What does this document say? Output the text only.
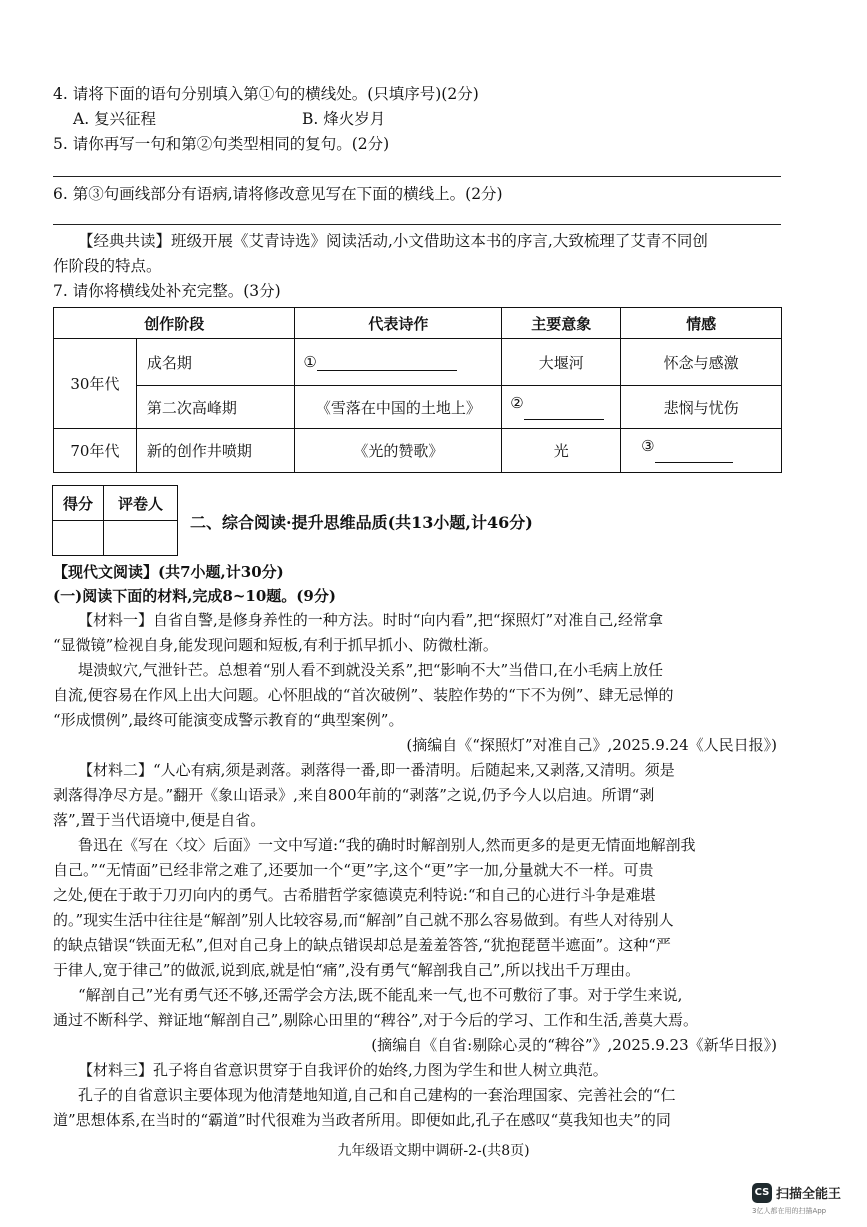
4. 请将下面的语句分别填入第①句的横线处。(只填序号)(2分)
A. 复兴征程	B. 烽火岁月
5. 请你再写一句和第②句类型相同的复句。(2分)
6. 第③句画线部分有语病,请将修改意见写在下面的横线上。(2分)
【经典共读】班级开展《艾青诗选》阅读活动,小文借助这本书的序言,大致梳理了艾青不同创
作阶段的特点。
7. 请你将横线处补充完整。(3分)
创作阶段		代表诗作	主要意象	情感
30年代	成名期	①	大堰河	怀念与感激
	第二次高峰期	《雪落在中国的土地上》	②	悲悯与忧伤
70年代	新的创作井喷期	《光的赞歌》	光	③
得分	评卷人

二、综合阅读·提升思维品质(共13小题,计46分)
【现代文阅读】(共7小题,计30分)
(一)阅读下面的材料,完成8~10题。(9分)
【材料一】自省自警,是修身养性的一种方法。时时“向内看”,把“探照灯”对准自己,经常拿
“显微镜”检视自身,能发现问题和短板,有利于抓早抓小、防微杜渐。
堤溃蚁穴,气泄针芒。总想着“别人看不到就没关系”,把“影响不大”当借口,在小毛病上放任
自流,便容易在作风上出大问题。心怀胆战的“首次破例”、装腔作势的“下不为例”、肆无忌惮的
“形成惯例”,最终可能演变成警示教育的“典型案例”。
(摘编自《“探照灯”对准自己》,2025.9.24《人民日报》)
【材料二】“人心有病,须是剥落。剥落得一番,即一番清明。后随起来,又剥落,又清明。须是
剥落得净尽方是。”翻开《象山语录》,来自800年前的“剥落”之说,仍予今人以启迪。所谓“剥
落”,置于当代语境中,便是自省。
鲁迅在《写在〈坟〉后面》一文中写道:“我的确时时解剖别人,然而更多的是更无情面地解剖我
自己。”“无情面”已经非常之难了,还要加一个“更”字,这个“更”字一加,分量就大不一样。可贵
之处,便在于敢于刀刃向内的勇气。古希腊哲学家德谟克利特说:“和自己的心进行斗争是难堪
的。”现实生活中往往是“解剖”别人比较容易,而“解剖”自己就不那么容易做到。有些人对待别人
的缺点错误“铁面无私”,但对自己身上的缺点错误却总是羞羞答答,“犹抱琵琶半遮面”。这种“严
于律人,宽于律己”的做派,说到底,就是怕“痛”,没有勇气“解剖我自己”,所以找出千万理由。
“解剖自己”光有勇气还不够,还需学会方法,既不能乱来一气,也不可敷衍了事。对于学生来说,
通过不断科学、辩证地“解剖自己”,剔除心田里的“稗谷”,对于今后的学习、工作和生活,善莫大焉。
(摘编自《自省:剔除心灵的“稗谷”》,2025.9.23《新华日报》)
【材料三】孔子将自省意识贯穿于自我评价的始终,力图为学生和世人树立典范。
孔子的自省意识主要体现为他清楚地知道,自己和自己建构的一套治理国家、完善社会的“仁
道”思想体系,在当时的“霸道”时代很难为当政者所用。即便如此,孔子在感叹“莫我知也夫”的同
九年级语文期中调研-2-(共8页)
CS 扫描全能王
3亿人都在用的扫描App
